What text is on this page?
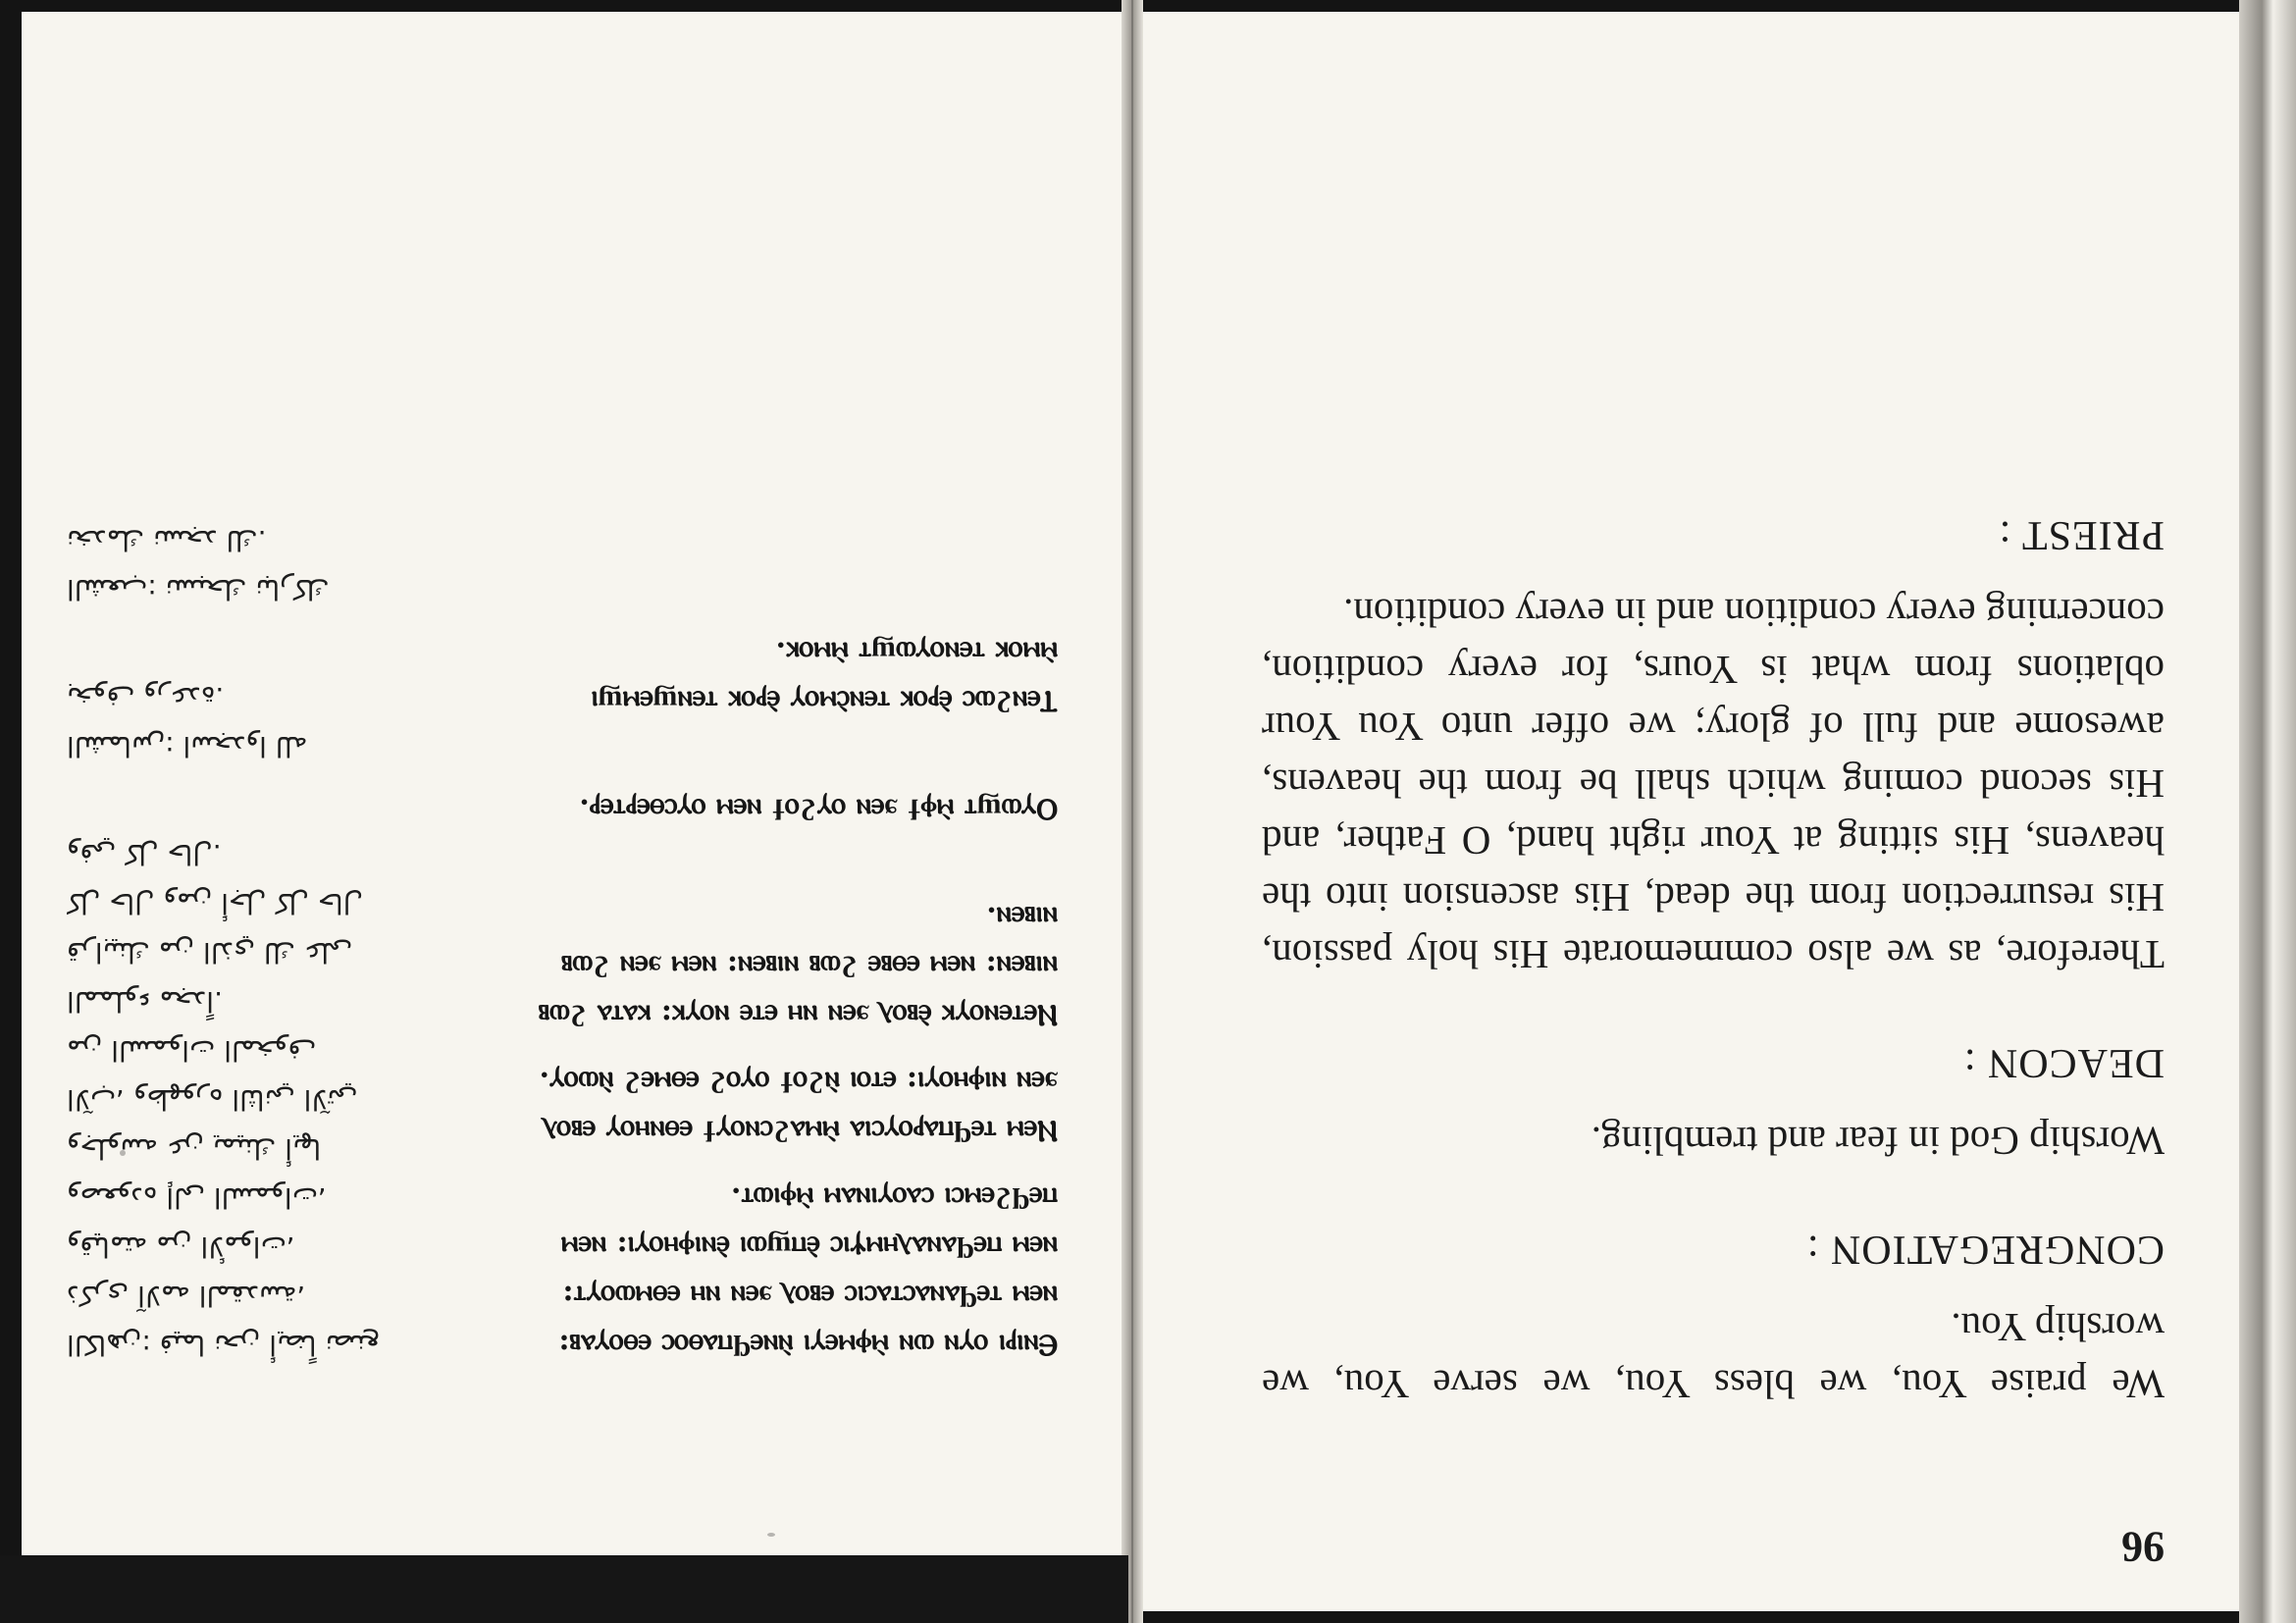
Ⲉⲛⲓⲣⲓ ⲟⲩⲛ ⲱⲛ ⲙ̀ⲫⲙⲉⲩⲓ ⲛ̀ⲛⲉϥⲡⲁⲑⲟⲥ ⲉⲑⲟⲩⲁⲃ: ⲛⲉⲙ ⲧⲉϥⲁⲛⲁⲥⲧⲁⲥⲓⲥ ⲉⲃⲟⲗ ϧⲉⲛ ⲛⲏ ⲉⲑⲙⲱⲟⲩⲧ: ⲛⲉⲙ ⲡⲉϥⲁⲛⲁⲗⲏⲙⲯⲓⲥ ⲉ̀ⲡϣⲱⲓ ⲉ̀ⲛⲓⲫⲏⲟⲩⲓ: ⲛⲉⲙ ⲡⲉϥϩⲉⲙⲥⲓ ⲥⲁⲟⲩⲓⲛⲁⲙ ⲙ̀ⲫⲓⲱⲧ.

Ⲛⲉⲙ ⲧⲉϥⲡⲁⲣⲟⲩⲥⲓⲁ ⲙ̀ⲙⲁϩⲥⲛⲟⲩϯ ⲉⲑⲛⲏⲟⲩ ⲉⲃⲟⲗ ϧⲉⲛ ⲛⲓⲫⲏⲟⲩⲓ: ⲉⲧⲟⲓ ⲛ̀ϩⲟϯ ⲟⲩⲟϩ ⲉⲑⲙⲉϩ ⲛ̀ⲱⲟⲩ.

Ⲛⲉⲧⲉⲛⲟⲩⲕ ⲉ̀ⲃⲟⲗ ϧⲉⲛ ⲛⲏ ⲉⲧⲉ ⲛⲟⲩⲕ: ⲕⲁⲧⲁ ϩⲱⲃ ⲛⲓⲃⲉⲛ: ⲛⲉⲙ ⲉⲑⲃⲉ ϩⲱⲃ ⲛⲓⲃⲉⲛ: ⲛⲉⲙ ϧⲉⲛ ϩⲱⲃ ⲛⲓⲃⲉⲛ.

Ⲟⲩⲱϣⲧ ⲙ̀ⲫϯ ϧⲉⲛ ⲟⲩϩⲟϯ ⲛⲉⲙ ⲟⲩⲥⲑⲉⲣⲧⲉⲣ.

Ⲧⲉⲛϩⲱⲥ ⲉ̀ⲣⲟⲕ ⲧⲉⲛⲥ̀ⲙⲟⲩ ⲉ̀ⲣⲟⲕ ⲧⲉⲛϣⲉⲙϣⲓ ⲙ̀ⲙⲟⲕ ⲧⲉⲛⲟⲩⲱϣⲧ ⲙ̀ⲙⲟⲕ.

الكاهن: فيما نحن أيضاً نصنع ذكرى آلامه المقدسة، وقيامته من الأموات، وصعوده إلى السموات، وجلوسه عن يمينك أيها الآب، وظهوره الثاني الآتي من السموات المخوف المملوء مجداً.

قرابينك من الذي لك على كل حال ومن أجل كل حال وفي كل حال.

الشماس: اسجدوا لله بخوف ورعدة.

الشعب: نسبحك نباركك نخدمك نسجد لك.

96

We praise You, we bless You, we serve You, we worship You.

CONGREGATION :

Worship God in fear and trembling.

DEACON :

Therefore, as we also commemorate His holy passion, His resurrection from the dead, His ascension into the heavens, His sitting at Your right hand, O Father, and His second coming which shall be from the heavens, awesome and full of glory; we offer unto You Your oblations from what is Yours, for every condition, concerning every condition and in every condition.

PRIEST :
